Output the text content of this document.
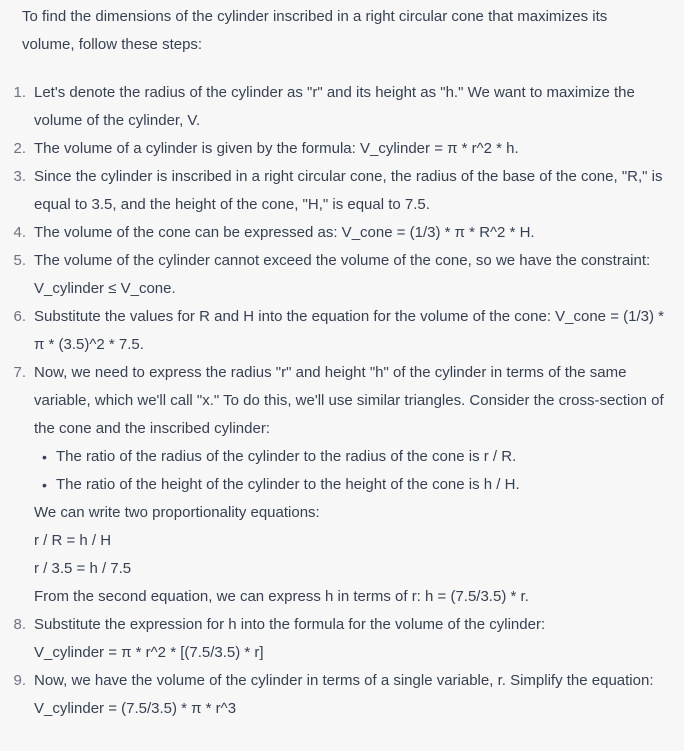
To find the dimensions of the cylinder inscribed in a right circular cone that maximizes its volume, follow these steps:

1. Let's denote the radius of the cylinder as "r" and its height as "h." We want to maximize the volume of the cylinder, V.
2. The volume of a cylinder is given by the formula: V_cylinder = π * r^2 * h.
3. Since the cylinder is inscribed in a right circular cone, the radius of the base of the cone, "R," is equal to 3.5, and the height of the cone, "H," is equal to 7.5.
4. The volume of the cone can be expressed as: V_cone = (1/3) * π * R^2 * H.
5. The volume of the cylinder cannot exceed the volume of the cone, so we have the constraint: V_cylinder ≤ V_cone.
6. Substitute the values for R and H into the equation for the volume of the cone: V_cone = (1/3) * π * (3.5)^2 * 7.5.
7. Now, we need to express the radius "r" and height "h" of the cylinder in terms of the same variable, which we'll call "x." To do this, we'll use similar triangles. Consider the cross-section of the cone and the inscribed cylinder:
• The ratio of the radius of the cylinder to the radius of the cone is r / R.
• The ratio of the height of the cylinder to the height of the cone is h / H.
We can write two proportionality equations:
r / R = h / H
r / 3.5 = h / 7.5
From the second equation, we can express h in terms of r: h = (7.5/3.5) * r.
8. Substitute the expression for h into the formula for the volume of the cylinder:
V_cylinder = π * r^2 * [(7.5/3.5) * r]
9. Now, we have the volume of the cylinder in terms of a single variable, r. Simplify the equation:
V_cylinder = (7.5/3.5) * π * r^3
